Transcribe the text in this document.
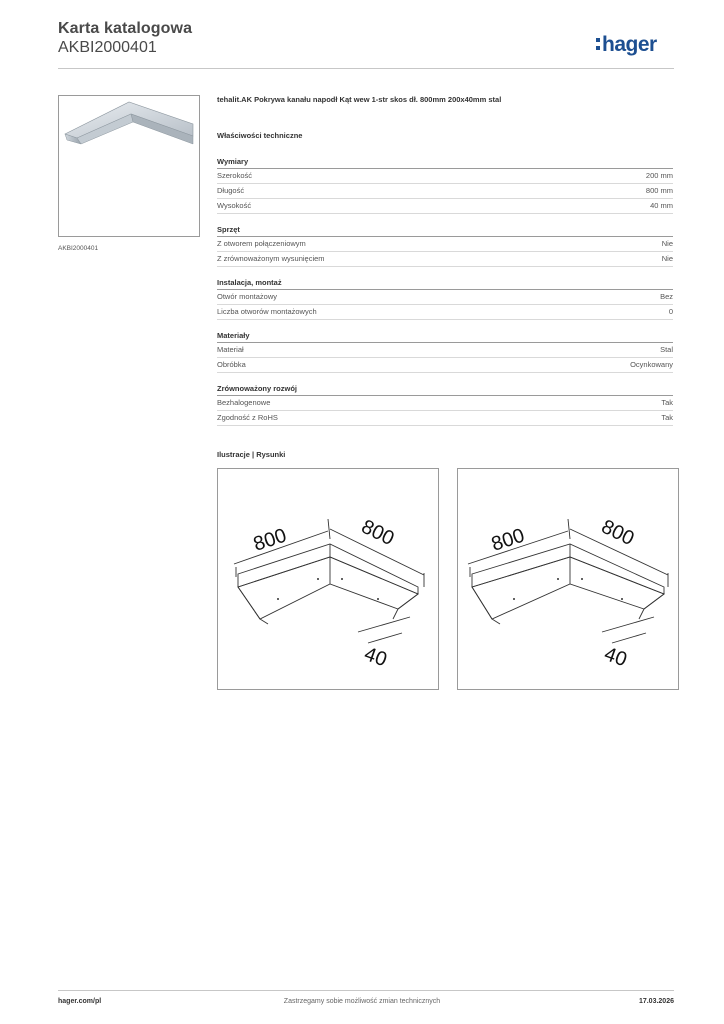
Karta katalogowa
AKBI2000401	hager
AKBI2000401
tehalit.AK Pokrywa kanału napodł Kąt wew 1-str skos dł. 800mm 200x40mm stal
Właściwości techniczne
Wymiary
Szerokość	200 mm
Długość	800 mm
Wysokość	40 mm
Sprzęt
Z otworem połączeniowym	Nie
Z zrównoważonym wysunięciem	Nie
Instalacja, montaż
Otwór montażowy	Bez
Liczba otworów montażowych	0
Materiały
Materiał	Stal
Obróbka	Ocynkowany
Zrównoważony rozwój
Bezhalogenowe	Tak
Zgodność z RoHS	Tak
Ilustracje | Rysunki
800	800
40
800	800
40
hager.com/pl	Zastrzegamy sobie możliwość zmian technicznych	17.03.2026
